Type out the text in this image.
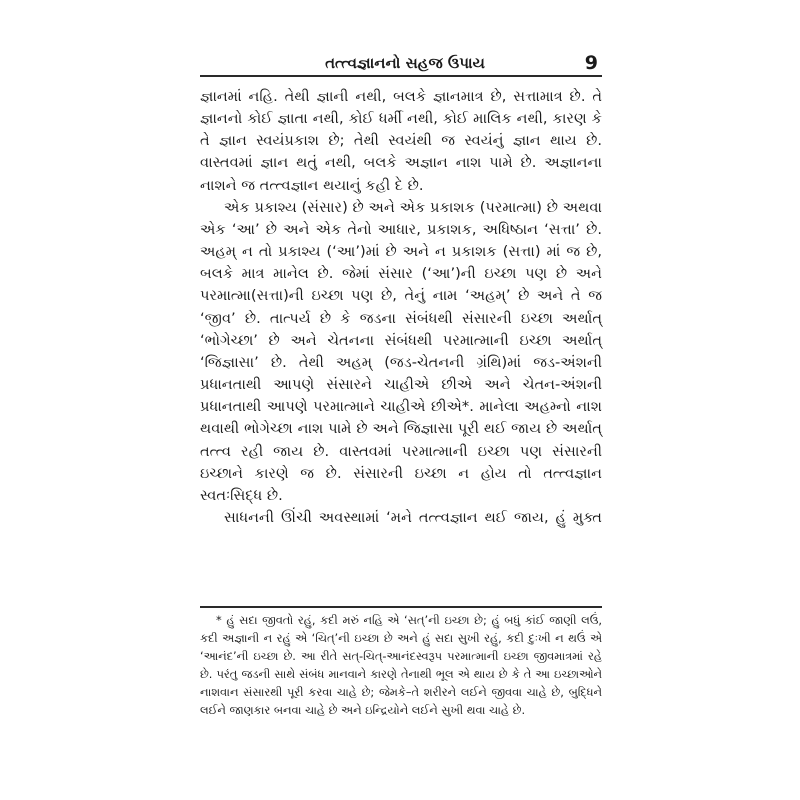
તત્ત્વજ્ઞાનનો સહજ ઉપાય	9

જ્ઞાનમાં નહિ. તેથી જ્ઞાની નથી, બલકે જ્ઞાનમાત્ર છે, સત્તામાત્ર છે. તે જ્ઞાનનો કોઈ જ્ઞાતા નથી, કોઈ ધર્મી નથી, કોઈ માલિક નથી, કારણ કે તે જ્ઞાન સ્વયંપ્રકાશ છે; તેથી સ્વયંથી જ સ્વયંનું જ્ઞાન થાય છે. વાસ્તવમાં જ્ઞાન થતું નથી, બલકે અજ્ઞાન નાશ પામે છે. અજ્ઞાનના નાશને જ તત્ત્વજ્ઞાન થયાનું કહી દે છે.

એક પ્રકાશ્ય (સંસાર) છે અને એક પ્રકાશક (પરમાત્મા) છે અથવા એક ‘આ’ છે અને એક તેનો આધાર, પ્રકાશક, અધિષ્ઠાન ‘સત્તા’ છે. અહમ્ ન તો પ્રકાશ્ય (‘આ’)માં છે અને ન પ્રકાશક (સત્તા) માં જ છે, બલકે માત્ર માનેલ છે. જેમાં સંસાર (‘આ’)ની ઇચ્છા પણ છે અને પરમાત્મા(સત્તા)ની ઇચ્છા પણ છે, તેનું નામ ‘અહમ્’ છે અને તે જ ‘જીવ’ છે. તાત્પર્ય છે કે જડના સંબંધથી સંસારની ઇચ્છા અર્થાત્ ‘ભોગેચ્છા’ છે અને ચેતનના સંબંધથી પરમાત્માની ઇચ્છા અર્થાત્ ‘જિજ્ઞાસા’ છે. તેથી અહમ્ (જડ-ચેતનની ગ્રંથિ)માં જડ-અંશની પ્રધાનતાથી આપણે સંસારને ચાહીએ છીએ અને ચેતન-અંશની પ્રધાનતાથી આપણે પરમાત્માને ચાહીએ છીએ*. માનેલા અહમ્નો નાશ થવાથી ભોગેચ્છા નાશ પામે છે અને જિજ્ઞાસા પૂરી થઈ જાય છે અર્થાત્ તત્ત્વ રહી જાય છે. વાસ્તવમાં પરમાત્માની ઇચ્છા પણ સંસારની ઇચ્છાને કારણે જ છે. સંસારની ઇચ્છા ન હોય તો તત્ત્વજ્ઞાન સ્વતઃસિદ્ધ છે.

સાધનની ઊંચી અવસ્થામાં ‘મને તત્ત્વજ્ઞાન થઈ જાય, હું મુક્ત

* હું સદા જીવતો રહું, કદી મરું નહિ એ ‘સત્’ની ઇચ્છા છે; હું બધું કાંઈ જાણી લઉં, કદી અજ્ઞાની ન રહું એ ‘ચિત્’ની ઇચ્છા છે અને હું સદા સુખી રહું, કદી દુઃખી ન થઉં એ ‘આનંદ’ની ઇચ્છા છે. આ રીતે સત્-ચિત્-આનંદસ્વરૂપ પરમાત્માની ઇચ્છા જીવમાત્રમાં રહે છે. પરંતુ જડની સાથે સંબંધ માનવાને કારણે તેનાથી ભૂલ એ થાય છે કે તે આ ઇચ્છાઓને નાશવાન સંસારથી પૂરી કરવા ચાહે છે; જેમકે–તે શરીરને લઈને જીવવા ચાહે છે, બુદ્ધિને લઈને જાણકાર બનવા ચાહે છે અને ઇન્દ્રિયોને લઈને સુખી થવા ચાહે છે.
